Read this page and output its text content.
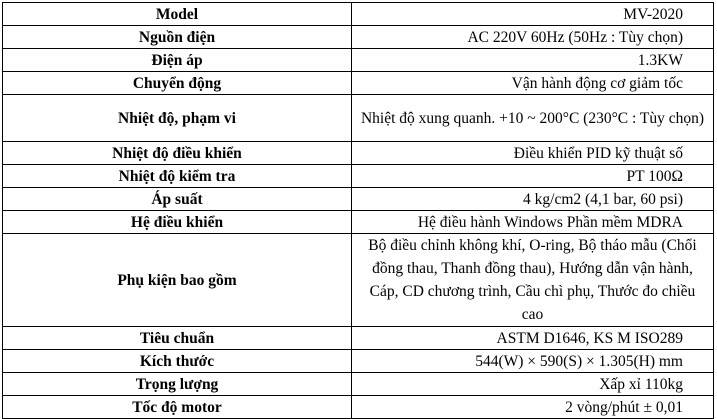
Model	MV-2020
Nguồn điện	AC 220V 60Hz (50Hz : Tùy chọn)
Điện áp	1.3KW
Chuyển động	Vận hành động cơ giảm tốc
Nhiệt độ, phạm vi	Nhiệt độ xung quanh. +10 ~ 200°C (230°C : Tùy chọn)
Nhiệt độ điều khiển	Điều khiển PID kỹ thuật số
Nhiệt độ kiểm tra	PT 100Ω
Áp suất	4 kg/cm2 (4,1 bar, 60 psi)
Hệ điều khiển	Hệ điều hành Windows Phần mềm MDRA
Phụ kiện bao gồm	Bộ điều chỉnh không khí, O-ring, Bộ tháo mẫu (Chổi đồng thau, Thanh đồng thau), Hướng dẫn vận hành, Cáp, CD chương trình, Cầu chì phụ, Thước đo chiều cao
Tiêu chuẩn	ASTM D1646, KS M ISO289
Kích thước	544(W) × 590(S) × 1.305(H) mm
Trọng lượng	Xấp xỉ 110kg
Tốc độ motor	2 vòng/phút ± 0,01
